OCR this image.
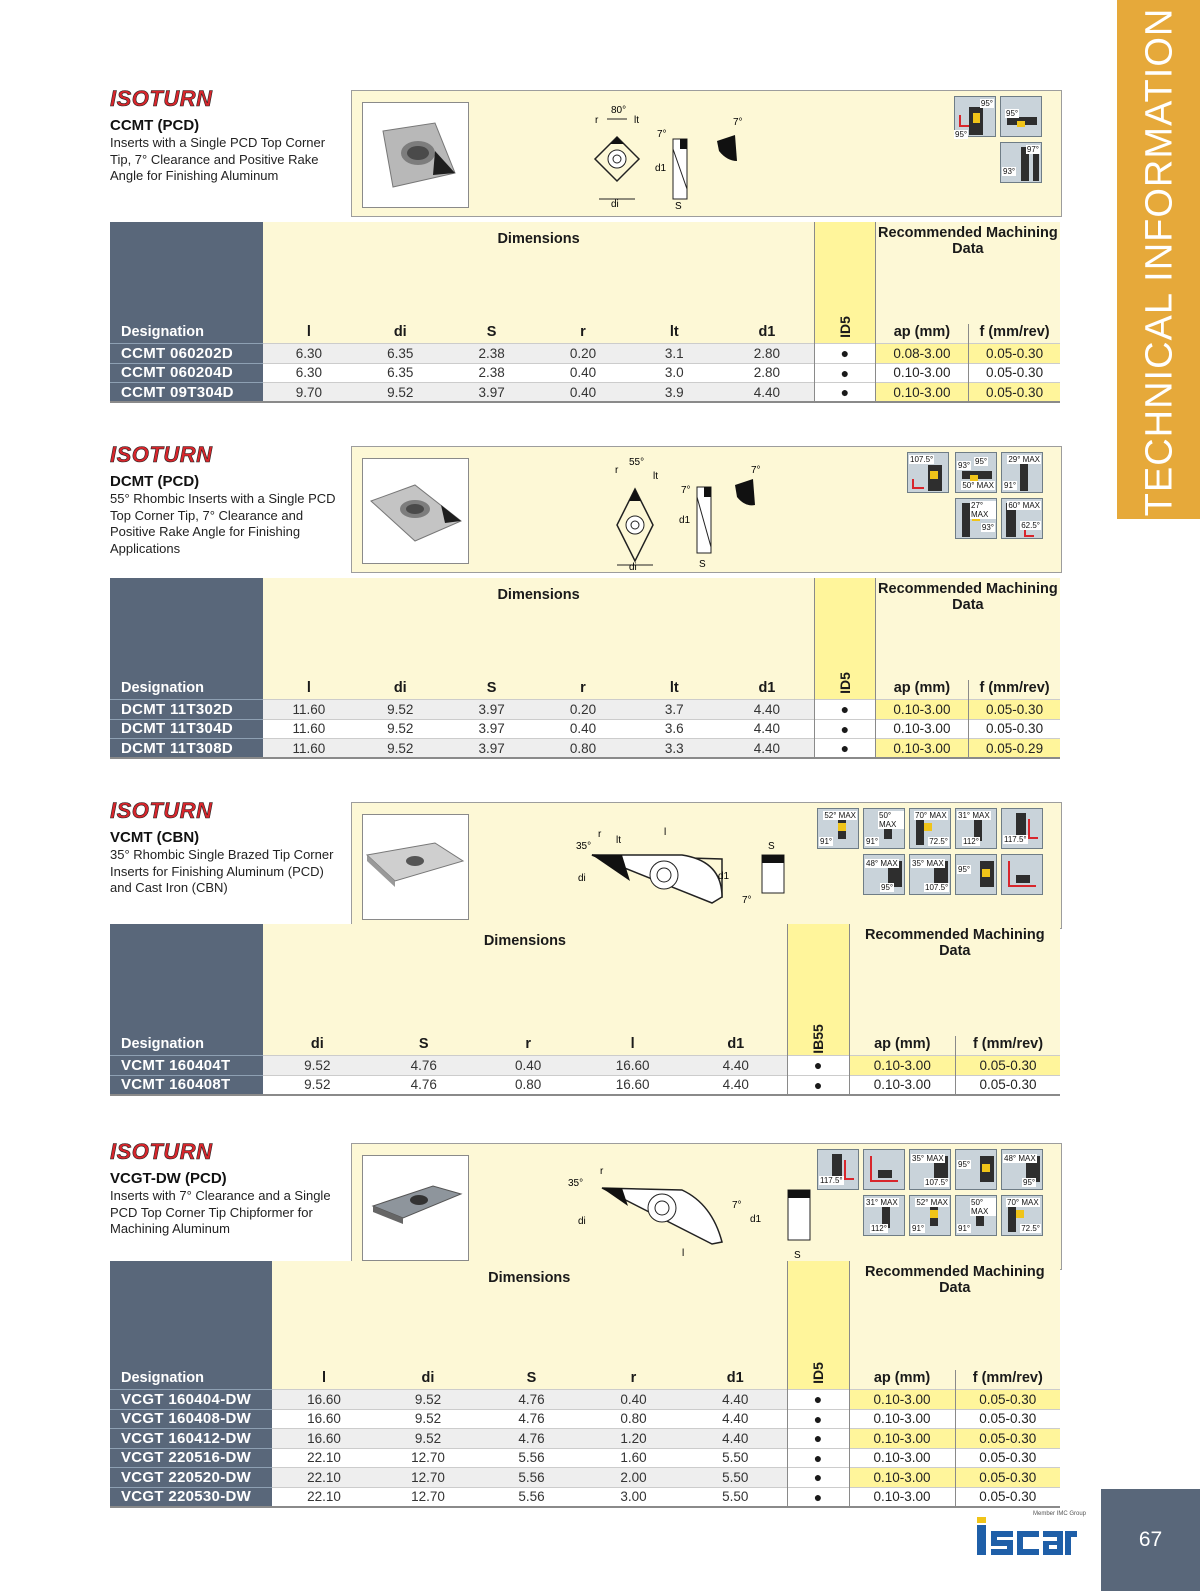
TECHNICAL INFORMATION
ISOTURN
CCMT (PCD)
Inserts with a Single PCD Top Corner Tip, 7° Clearance and Positive Rake Angle for Finishing Aluminum
80°
r	lt
di
7°
d1
S
7°
95°
95°
97°
93°
95°
Designation	Dimensions						ID5	Recommended Machining Data	
	l	di	S	r	lt	d1		ap (mm)	f (mm/rev)
CCMT 060202D	6.30	6.35	2.38	0.20	3.1	2.80	●	0.08-3.00	0.05-0.30
CCMT 060204D	6.30	6.35	2.38	0.40	3.0	2.80	●	0.10-3.00	0.05-0.30
CCMT 09T304D	9.70	9.52	3.97	0.40	3.9	4.40	●	0.10-3.00	0.05-0.30
ISOTURN
DCMT (PCD)
55° Rhombic Inserts with a Single PCD Top Corner Tip, 7° Clearance and Positive Rake Angle for Finishing Applications
55°
r
lt
di
7°
d1
S
7°
107.5°
93° 95°
50° MAX
29° MAX
91°
27° MAX
93°
60° MAX
62.5°
Designation	Dimensions						ID5	Recommended Machining Data	
	l	di	S	r	lt	d1		ap (mm)	f (mm/rev)
DCMT 11T302D	11.60	9.52	3.97	0.20	3.7	4.40	●	0.10-3.00	0.05-0.30
DCMT 11T304D	11.60	9.52	3.97	0.40	3.6	4.40	●	0.10-3.00	0.05-0.30
DCMT 11T308D	11.60	9.52	3.97	0.80	3.3	4.40	●	0.10-3.00	0.05-0.29
ISOTURN
VCMT (CBN)
35° Rhombic Single Brazed Tip Corner Inserts for Finishing Aluminum (PCD) and Cast Iron (CBN)
35°
r
lt
l
di	d1
S
7°
52° MAX
91°
50° MAX
91°
70° MAX
72.5°
31° MAX
112°	117.5°
48° MAX
95°
35° MAX
107.5°
95°
Designation	Dimensions					IB55	Recommended Machining Data	
	di	S	r	l	d1		ap (mm)	f (mm/rev)
VCMT 160404T	9.52	4.76	0.40	16.60	4.40	●	0.10-3.00	0.05-0.30
VCMT 160408T	9.52	4.76	0.80	16.60	4.40	●	0.10-3.00	0.05-0.30
ISOTURN
VCGT-DW (PCD)
Inserts with 7° Clearance and a Single PCD Top Corner Tip Chipformer for Machining Aluminum
35°
r
di
l
7°
d1
S
117.5°
35° MAX
107.5°
95°
48° MAX
95°
31° MAX
112°
52° MAX
91°
50° MAX
91°
70° MAX
72.5°
Designation	Dimensions					ID5	Recommended Machining Data	
	l	di	S	r	d1		ap (mm)	f (mm/rev)
VCGT 160404-DW	16.60	9.52	4.76	0.40	4.40	●	0.10-3.00	0.05-0.30
VCGT 160408-DW	16.60	9.52	4.76	0.80	4.40	●	0.10-3.00	0.05-0.30
VCGT 160412-DW	16.60	9.52	4.76	1.20	4.40	●	0.10-3.00	0.05-0.30
VCGT 220516-DW	22.10	12.70	5.56	1.60	5.50	●	0.10-3.00	0.05-0.30
VCGT 220520-DW	22.10	12.70	5.56	2.00	5.50	●	0.10-3.00	0.05-0.30
VCGT 220530-DW	22.10	12.70	5.56	3.00	5.50	●	0.10-3.00	0.05-0.30
Member IMC Group
67
